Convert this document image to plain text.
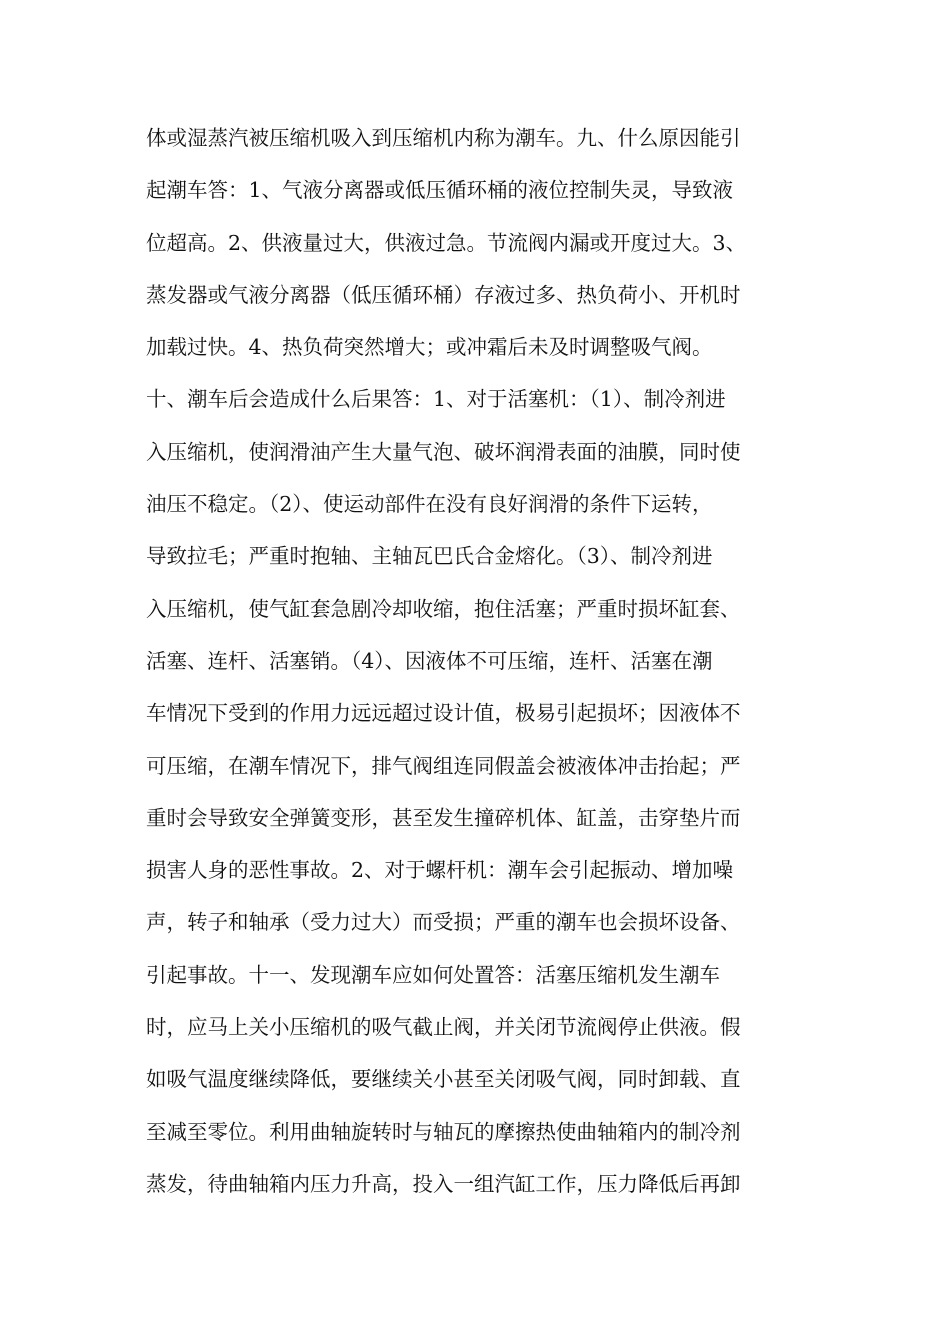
体或湿蒸汽被压缩机吸入到压缩机内称为潮车。九、什么原因能引
起潮车答：1、气液分离器或低压循环桶的液位控制失灵，导致液
位超高。2、供液量过大，供液过急。节流阀内漏或开度过大。3、
蒸发器或气液分离器（低压循环桶）存液过多、热负荷小、开机时
加载过快。4、热负荷突然增大；或冲霜后未及时调整吸气阀。
十、潮车后会造成什么后果答：1、对于活塞机：（1）、制冷剂进
入压缩机，使润滑油产生大量气泡、破坏润滑表面的油膜，同时使
油压不稳定。（2）、使运动部件在没有良好润滑的条件下运转，
导致拉毛；严重时抱轴、主轴瓦巴氏合金熔化。（3）、制冷剂进
入压缩机，使气缸套急剧冷却收缩，抱住活塞；严重时损坏缸套、
活塞、连杆、活塞销。（4）、因液体不可压缩，连杆、活塞在潮
车情况下受到的作用力远远超过设计值，极易引起损坏；因液体不
可压缩，在潮车情况下，排气阀组连同假盖会被液体冲击抬起；严
重时会导致安全弹簧变形，甚至发生撞碎机体、缸盖，击穿垫片而
损害人身的恶性事故。2、对于螺杆机：潮车会引起振动、增加噪
声，转子和轴承（受力过大）而受损；严重的潮车也会损坏设备、
引起事故。十一、发现潮车应如何处置答：活塞压缩机发生潮车
时，应马上关小压缩机的吸气截止阀，并关闭节流阀停止供液。假
如吸气温度继续降低，要继续关小甚至关闭吸气阀，同时卸载、直
至减至零位。利用曲轴旋转时与轴瓦的摩擦热使曲轴箱内的制冷剂
蒸发，待曲轴箱内压力升高，投入一组汽缸工作，压力降低后再卸
